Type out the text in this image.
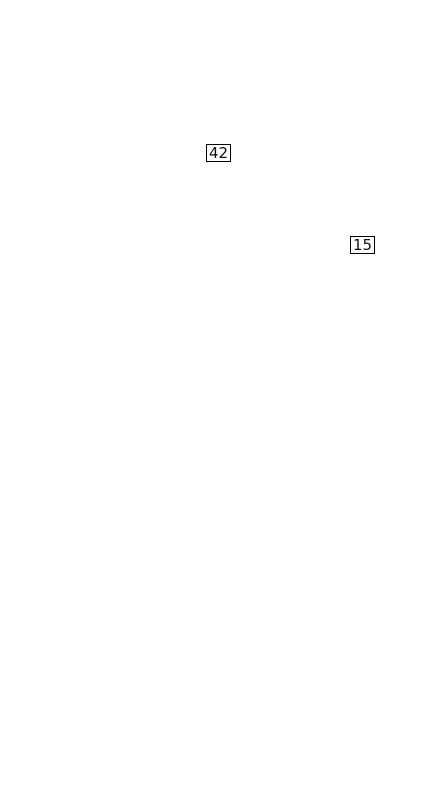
42
15
